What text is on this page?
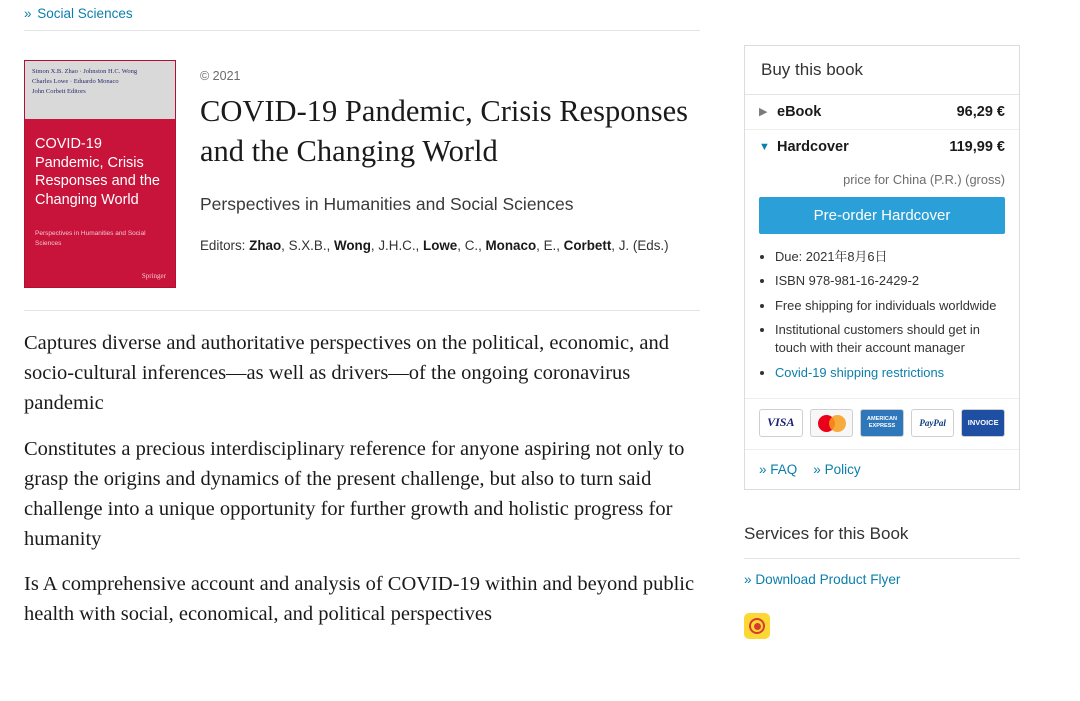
» Social Sciences
Simon X.B. Zhao · Johnston H.C. Wong
Charles Lowe · Eduardo Monaco
John Corbett Editors
COVID-19 Pandemic, Crisis Responses and the Changing World
Perspectives in Humanities and Social Sciences
Springer
© 2021
COVID-19 Pandemic, Crisis Responses and the Changing World
Perspectives in Humanities and Social Sciences
Editors: Zhao, S.X.B., Wong, J.H.C., Lowe, C., Monaco, E., Corbett, J. (Eds.)

Captures diverse and authoritative perspectives on the political, economic, and socio-cultural inferences—as well as drivers—of the ongoing coronavirus pandemic

Constitutes a precious interdisciplinary reference for anyone aspiring not only to grasp the origins and dynamics of the present challenge, but also to turn said challenge into a unique opportunity for further growth and holistic progress for humanity

Is A comprehensive account and analysis of COVID-19 within and beyond public health with social, economical, and political perspectives

Buy this book
▶ eBook	96,29 €
▼ Hardcover	119,99 €
price for China (P.R.) (gross)
Pre-order Hardcover
• Due: 2021年8月6日
• ISBN 978-981-16-2429-2
• Free shipping for individuals worldwide
• Institutional customers should get in touch with their account manager
• Covid-19 shipping restrictions
VISA	AMERICAN EXPRESS	PayPal	INVOICE
» FAQ » Policy
Services for this Book
» Download Product Flyer
